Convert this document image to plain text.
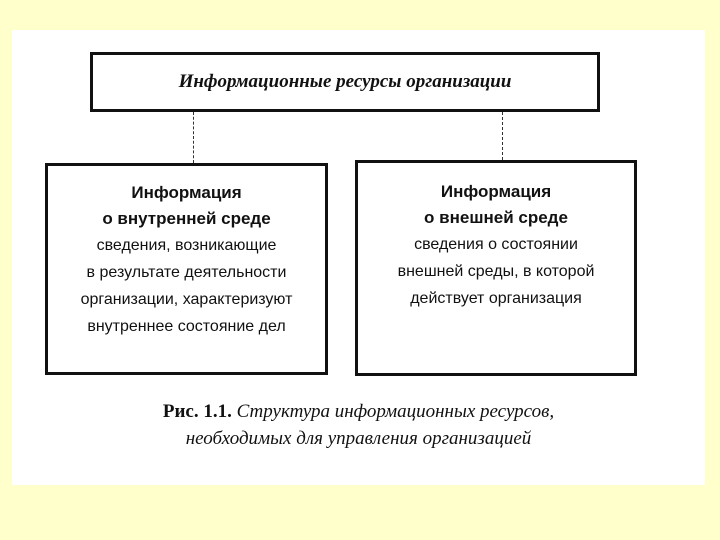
Информационные ресурсы организации
Информация
о внутренней среде
сведения, возникающие
в результате деятельности
организации, характеризуют
внутреннее состояние дел
Информация
о внешней среде
сведения о состоянии
внешней среды, в которой
действует организация
Рис. 1.1. Структура информационных ресурсов,
необходимых для управления организацией
